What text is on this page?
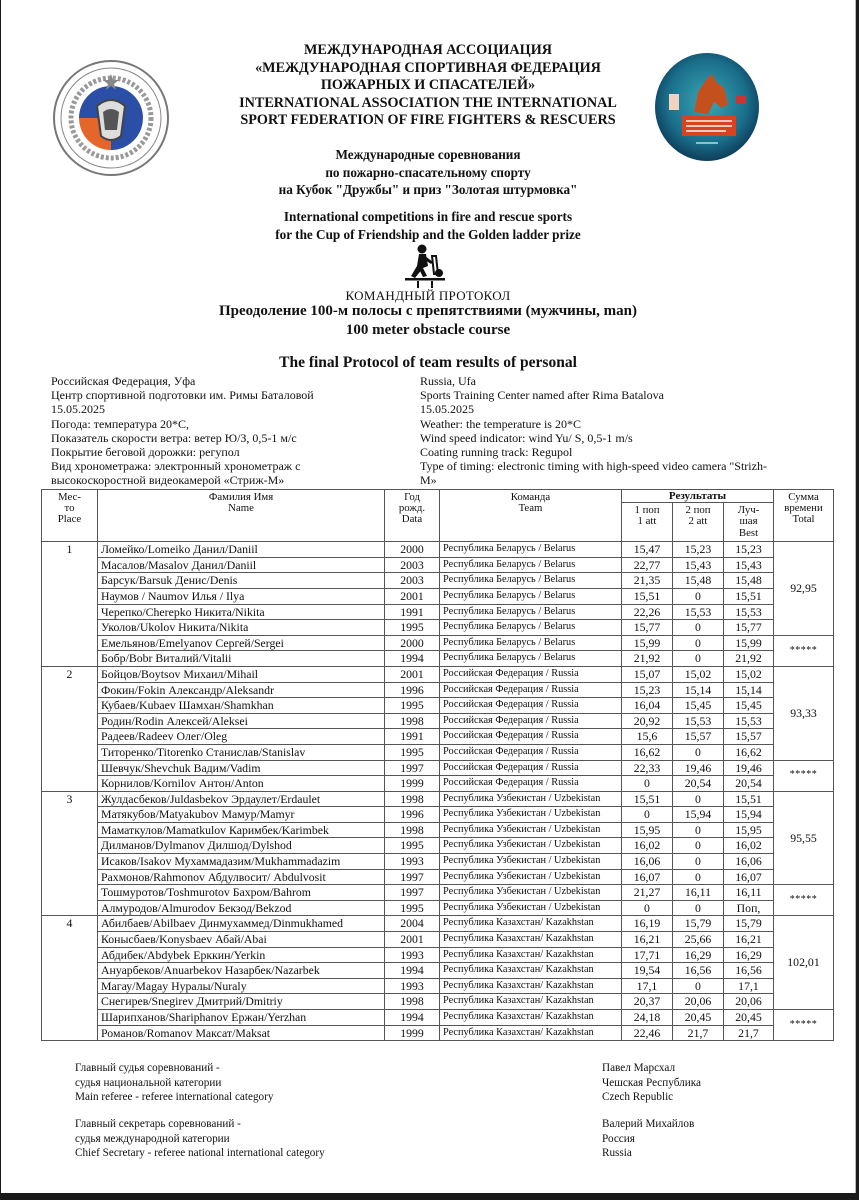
МЕЖДУНАРОДНАЯ АССОЦИАЦИЯ
«МЕЖДУНАРОДНАЯ СПОРТИВНАЯ ФЕДЕРАЦИЯ
ПОЖАРНЫХ И СПАСАТЕЛЕЙ»
INTERNATIONAL ASSOCIATION THE INTERNATIONAL
SPORT FEDERATION OF FIRE FIGHTERS & RESCUERS
Международные соревнования
по пожарно-спасательному спорту
на Кубок "Дружбы" и приз "Золотая штурмовка"
International competitions in fire and rescue sports
for the Cup of Friendship and the Golden ladder prize
КОМАНДНЫЙ ПРОТОКОЛ
Преодоление 100-м полосы с препятствиями (мужчины, man)
100 meter obstacle course
The final Protocol of team results of personal
Российская Федерация, Уфа
Центр спортивной подготовки им. Римы Баталовой
15.05.2025
Погода: температура 20*С,
Показатель скорости ветра: ветер Ю/З, 0,5-1 м/с
Покрытие беговой дорожки: регупол
Вид хронометража: электронный хронометраж с
высокоскоростной видеокамерой «Стриж-М»
Russia, Ufa
Sports Training Center named after Rima Batalova
15.05.2025
Weather: the temperature is 20*C
Wind speed indicator: wind Yu/ S, 0,5-1 m/s
Coating running track: Regupol
Type of timing: electronic timing with high-speed video camera "Strizh-
M»
Мес-
то
Place

Фамилия Имя
Name

Год
рожд.
Data

Команда
Team
	Результаты	Сумма
времени
Total

1 поп
1 att

2 поп
2 att

Луч-
шая
Best

1	Ломейко/Lomeiko Данил/Daniil	2000	Республика Беларусь / Belarus	15,47	15,23	15,23	92,95
	Масалов/Masalov Данил/Daniil	2003	Республика Беларусь / Belarus	22,77	15,43	15,43	
	Барсук/Barsuk Денис/Denis	2003	Республика Беларусь / Belarus	21,35	15,48	15,48	
	Наумов / Naumov Илья / Ilya	2001	Республика Беларусь / Belarus	15,51	0	15,51	
	Черепко/Cherepko Никита/Nikita	1991	Республика Беларусь / Belarus	22,26	15,53	15,53	
	Уколов/Ukolov Никита/Nikita	1995	Республика Беларусь / Belarus	15,77	0	15,77	
	Емельянов/Emelyanov Сергей/Sergei	2000	Республика Беларусь / Belarus	15,99	0	15,99	*****
	Бобр/Bobr Виталий/Vitalii	1994	Республика Беларусь / Belarus	21,92	0	21,92	
2	Бойцов/Boytsov Михаил/Mihail	2001	Российская Федерация / Russia	15,07	15,02	15,02	93,33
	Фокин/Fokin Александр/Aleksandr	1996	Российская Федерация / Russia	15,23	15,14	15,14	
	Кубаев/Kubaev Шамхан/Shamkhan	1995	Российская Федерация / Russia	16,04	15,45	15,45	
	Родин/Rodin Алексей/Aleksei	1998	Российская Федерация / Russia	20,92	15,53	15,53	
	Радеев/Radeev Олег/Oleg	1991	Российская Федерация / Russia	15,6	15,57	15,57	
	Титоренко/Titorenko Станислав/Stanislav	1995	Российская Федерация / Russia	16,62	0	16,62	
	Шевчук/Shevchuk Вадим/Vadim	1997	Российская Федерация / Russia	22,33	19,46	19,46	*****
	Корнилов/Kornilov Антон/Anton	1999	Российская Федерация / Russia	0	20,54	20,54	
3	Жулдасбеков/Juldasbekov Эрдаулет/Erdaulet	1998	Республика Узбекистан / Uzbekistan	15,51	0	15,51	95,55
	Матякубов/Matyakubov Мамур/Mamyr	1996	Республика Узбекистан / Uzbekistan	0	15,94	15,94	
	Маматкулов/Mamatkulov Каримбек/Karimbek	1998	Республика Узбекистан / Uzbekistan	15,95	0	15,95	
	Дилманов/Dylmanov Дилшод/Dylshod	1995	Республика Узбекистан / Uzbekistan	16,02	0	16,02	
	Исаков/Isakov Мухаммадазим/Mukhammadazim	1993	Республика Узбекистан / Uzbekistan	16,06	0	16,06	
	Рахмонов/Rahmonov Абдулвосит/ Abdulvosit	1997	Республика Узбекистан / Uzbekistan	16,07	0	16,07	
	Тошмуротов/Toshmurotov Бахром/Bahrom	1997	Республика Узбекистан / Uzbekistan	21,27	16,11	16,11	*****
	Алмуродов/Almurodov Бекзод/Bekzod	1995	Республика Узбекистан / Uzbekistan	0	0	Поп,	
4	Абилбаев/Abilbaev Динмухаммед/Dinmukhamed	2004	Республика Казахстан/ Kazakhstan	16,19	15,79	15,79	102,01
	Конысбаев/Konysbaev Абай/Abai	2001	Республика Казахстан/ Kazakhstan	16,21	25,66	16,21	
	Абдибек/Abdybek Ерккин/Yerkin	1993	Республика Казахстан/ Kazakhstan	17,71	16,29	16,29	
	Ануарбеков/Anuarbekov Назарбек/Nazarbek	1994	Республика Казахстан/ Kazakhstan	19,54	16,56	16,56	
	Магау/Magay Нуралы/Nuraly	1993	Республика Казахстан/ Kazakhstan	17,1	0	17,1	
	Снегирев/Snegirev Дмитрий/Dmitriy	1998	Республика Казахстан/ Kazakhstan	20,37	20,06	20,06	
	Шарипханов/Shariphanov Ержан/Yerzhan	1994	Республика Казахстан/ Kazakhstan	24,18	20,45	20,45	*****
	Романов/Romanov Максат/Maksat	1999	Республика Казахстан/ Kazakhstan	22,46	21,7	21,7	
Главный судья соревнований -
судья национальной категории
Main referee - referee international category
Павел Марсхал
Чешская Республика
Czech Republic
Главный секретарь соревнований -
судья международной категории
Chief Secretary - referee national international category
Валерий Михайлов
Россия
Russia
